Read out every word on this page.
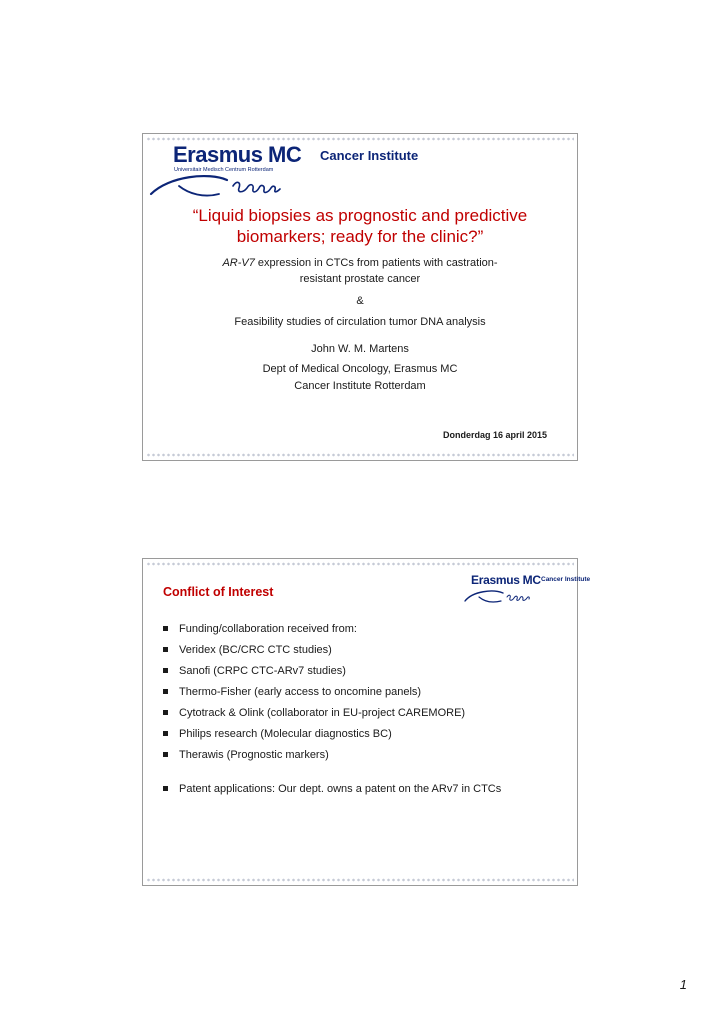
Erasmus MC
Universitair Medisch Centrum Rotterdam
Cancer Institute
“Liquid biopsies as prognostic and predictive
biomarkers; ready for the clinic?”
AR-V7 expression in CTCs from patients with castration-
resistant prostate cancer
&
Feasibility studies of circulation tumor DNA analysis
John W. M. Martens
Dept of Medical Oncology, Erasmus MC
Cancer Institute Rotterdam
Donderdag 16 april 2015
Erasmus MC Cancer Institute
Conflict of Interest
Funding/collaboration received from:
Veridex (BC/CRC CTC studies)
Sanofi (CRPC CTC-ARv7 studies)
Thermo-Fisher (early access to oncomine panels)
Cytotrack & Olink (collaborator in EU-project CAREMORE)
Philips research (Molecular diagnostics BC)
Therawis (Prognostic markers)
Patent applications: Our dept. owns a patent on the ARv7 in CTCs
1
